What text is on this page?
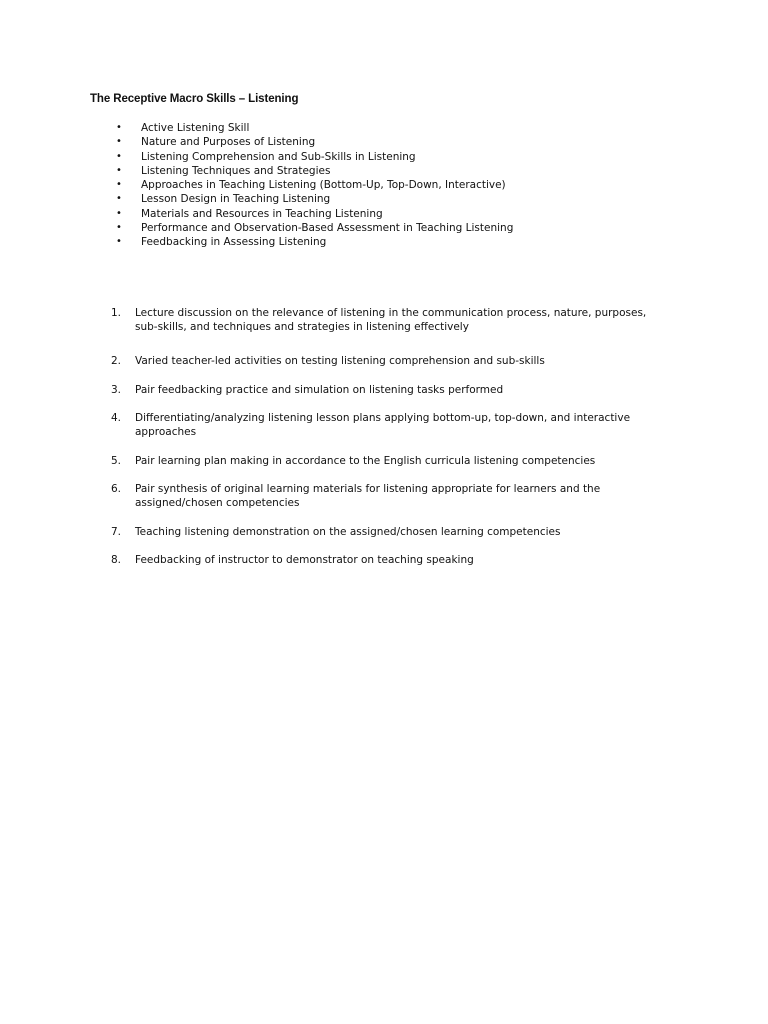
The Receptive Macro Skills – Listening
•	Active Listening Skill
•	Nature and Purposes of Listening
•	Listening Comprehension and Sub-Skills in Listening
•	Listening Techniques and Strategies
•	Approaches in Teaching Listening (Bottom-Up, Top-Down, Interactive)
•	Lesson Design in Teaching Listening
•	Materials and Resources in Teaching Listening
•	Performance and Observation-Based Assessment in Teaching Listening
•	Feedbacking in Assessing Listening
1.	Lecture discussion on the relevance of listening in the communication process, nature, purposes, sub-skills, and techniques and strategies in listening effectively
2.	Varied teacher-led activities on testing listening comprehension and sub-skills
3.	Pair feedbacking practice and simulation on listening tasks performed
4.	Differentiating/analyzing listening lesson plans applying bottom-up, top-down, and interactive approaches
5.	Pair learning plan making in accordance to the English curricula listening competencies
6.	Pair synthesis of original learning materials for listening appropriate for learners and the assigned/chosen competencies
7.	Teaching listening demonstration on the assigned/chosen learning competencies
8.	Feedbacking of instructor to demonstrator on teaching speaking
